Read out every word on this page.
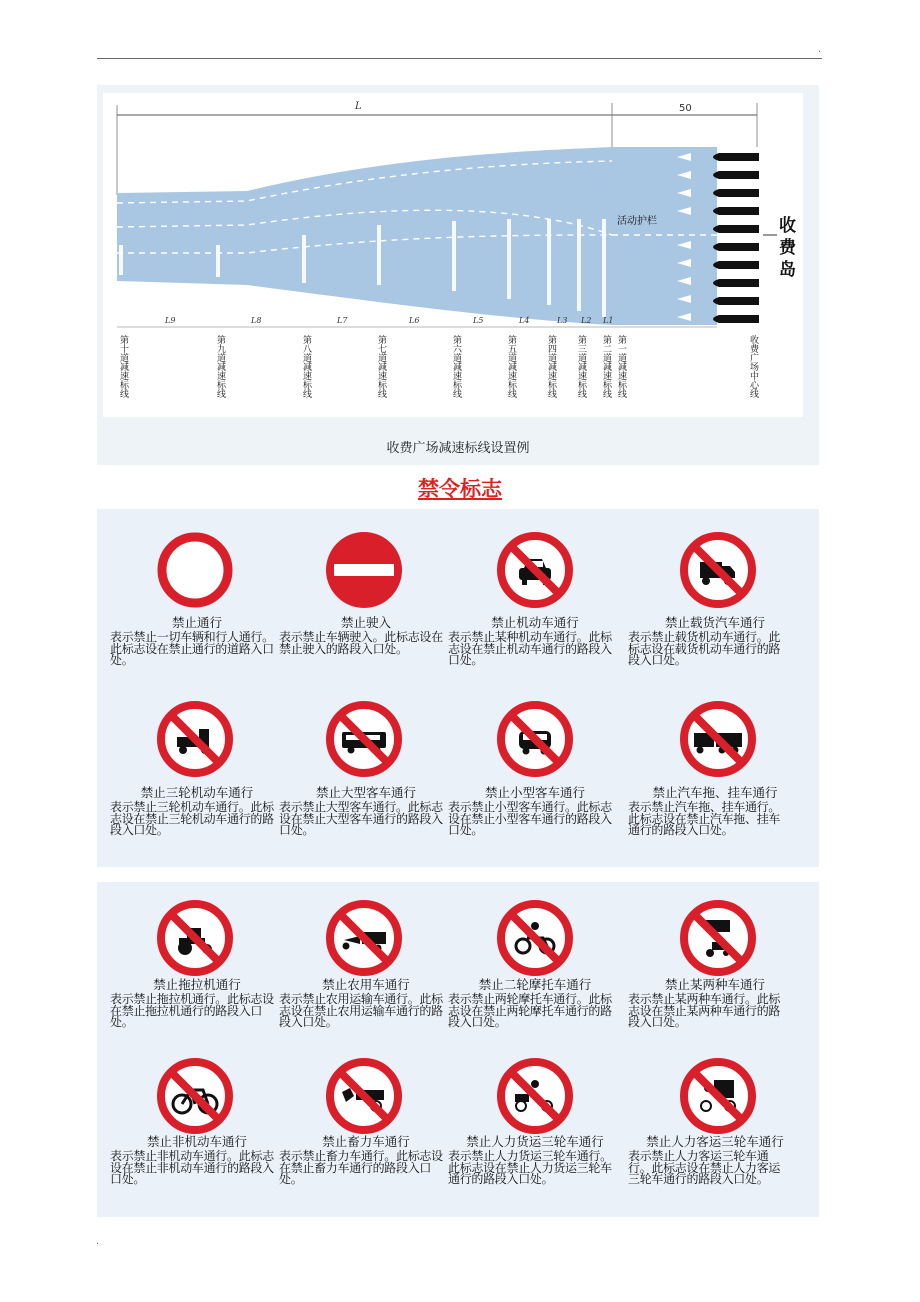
.
L	50
活动护栏	收
费
岛
L9	L8	L7	L6	L5	L4	L3 L2 L1
第十道减速标线	第九道减速标线	第八道减速标线	第七道减速标线	第六道减速标线	第五道减速标线	第四道减速标线 第三道减速标线 第二道减速标线 第一道减速标线	收费广场中心线
收费广场减速标线设置例
禁令标志
禁止通行
表示禁止一切车辆和行人通行。此标志设在禁止通行的道路入口处。
禁止驶入
表示禁止车辆驶入。此标志设在禁止驶入的路段入口处。
禁止机动车通行
表示禁止某种机动车通行。此标志设在禁止机动车通行的路段入口处。
禁止载货汽车通行
表示禁止载货机动车通行。此标志设在载货机动车通行的路段入口处。
禁止三轮机动车通行
表示禁止三轮机动车通行。此标志设在禁止三轮机动车通行的路段入口处。
禁止大型客车通行
表示禁止大型客车通行。此标志设在禁止大型客车通行的路段入口处。
禁止小型客车通行
表示禁止小型客车通行。此标志设在禁止小型客车通行的路段入口处。
禁止汽车拖、挂车通行
表示禁止汽车拖、挂车通行。此标志设在禁止汽车拖、挂车通行的路段入口处。
禁止拖拉机通行
表示禁止拖拉机通行。此标志设在禁止拖拉机通行的路段入口处。
禁止农用车通行
表示禁止农用运输车通行。此标志设在禁止农用运输车通行的路段入口处。
禁止二轮摩托车通行
表示禁止两轮摩托车通行。此标志设在禁止两轮摩托车通行的路段入口处。
禁止某两种车通行
表示禁止某两种车通行。此标志设在禁止某两种车通行的路段入口处。
禁止非机动车通行
表示禁止非机动车通行。此标志设在禁止非机动车通行的路段入口处。
禁止畜力车通行
表示禁止畜力车通行。此标志设在禁止畜力车通行的路段入口处。
禁止人力货运三轮车通行
表示禁止人力货运三轮车通行。此标志设在禁止人力货运三轮车通行的路段入口处。
禁止人力客运三轮车通行
表示禁止人力客运三轮车通行。此标志设在禁止人力客运三轮车通行的路段入口处。
.
